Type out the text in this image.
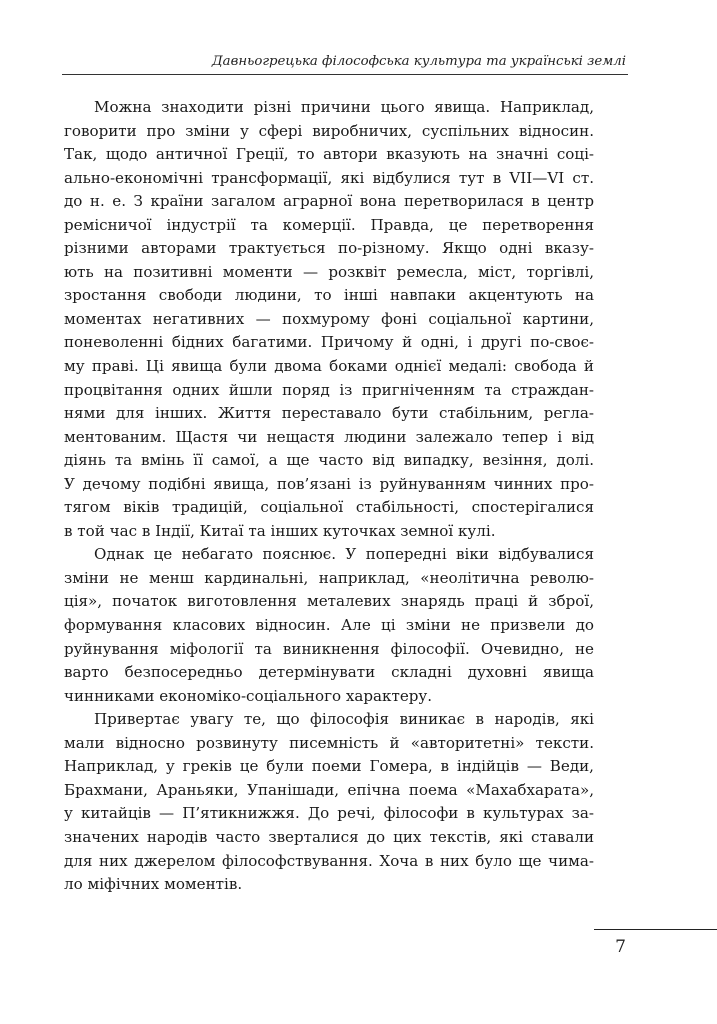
Давньогрецька філософська культура та українські землі
Можна знаходити різні причини цього явища. Наприклад,
говорити про зміни у сфері виробничих, суспільних відносин.
Так, щодо античної Греції, то автори вказують на значні соці-
ально-економічні трансформації, які відбулися тут в VII—VI ст.
до н. е. З країни загалом аграрної вона перетворилася в центр
ремісничої індустрії та комерції. Правда, це перетворення
різними авторами трактується по-різному. Якщо одні вказу-
ють на позитивні моменти — розквіт ремесла, міст, торгівлі,
зростання свободи людини, то інші навпаки акцентують на
моментах негативних — похмурому фоні соціальної картини,
поневоленні бідних багатими. Причому й одні, і другі по-своє-
му праві. Ці явища були двома боками однієї медалі: свобода й
процвітання одних йшли поряд із пригніченням та страждан-
нями для інших. Життя переставало бути стабільним, регла-
ментованим. Щастя чи нещастя людини залежало тепер і від
діянь та вмінь її самої, а ще часто від випадку, везіння, долі.
У дечому подібні явища, пов’язані із руйнуванням чинних про-
тягом віків традицій, соціальної стабільності, спостерігалися
в той час в Індії, Китаї та інших куточках земної кулі.
Однак це небагато пояснює. У попередні віки відбувалися
зміни не менш кардинальні, наприклад, «неолітична револю-
ція», початок виготовлення металевих знарядь праці й зброї,
формування класових відносин. Але ці зміни не призвели до
руйнування міфології та виникнення філософії. Очевидно, не
варто безпосередньо детермінувати складні духовні явища
чинниками економіко-соціального характеру.
Привертає увагу те, що філософія виникає в народів, які
мали відносно розвинуту писемність й «авторитетні» тексти.
Наприклад, у греків це були поеми Гомера, в індійців — Веди,
Брахмани, Араньяки, Упанішади, епічна поема «Махабхарата»,
у китайців — П’ятикнижжя. До речі, філософи в культурах за-
значених народів часто зверталися до цих текстів, які ставали
для них джерелом філософствування. Хоча в них було ще чима-
ло міфічних моментів.
7
